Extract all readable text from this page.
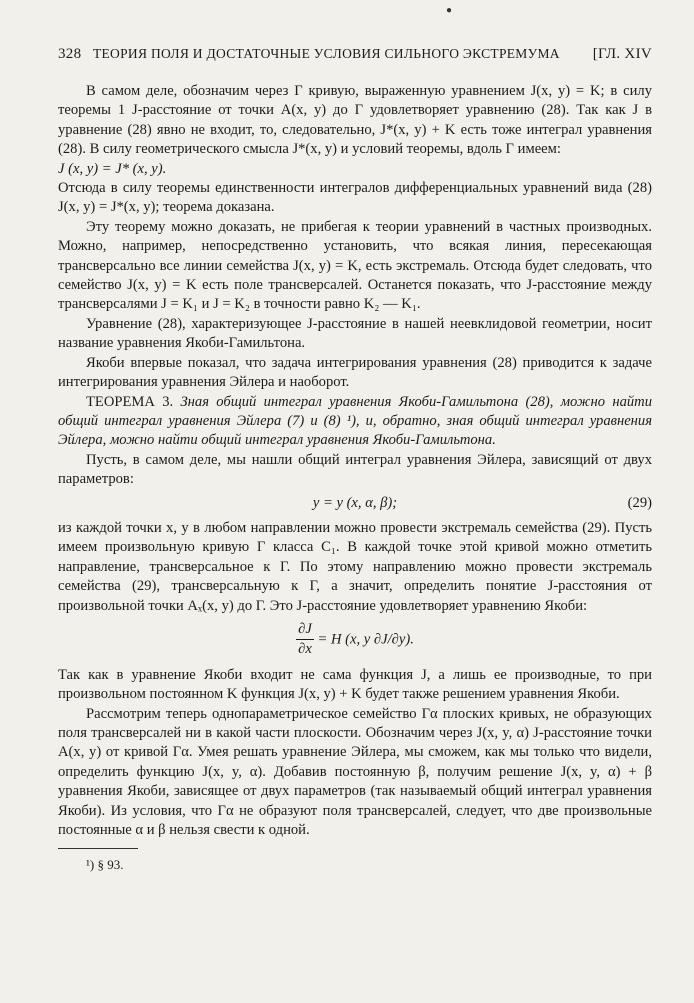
●
328 ТЕОРИЯ ПОЛЯ И ДОСТАТОЧНЫЕ УСЛОВИЯ СИЛЬНОГО ЭКСТРЕМУМА [ГЛ. XIV

В самом деле, обозначим через Γ кривую, выраженную уравнением J(x, y) = K; в силу теоремы 1 J-расстояние от точки A(x, y) до Γ удовлетворяет уравнению (28). Так как J в уравнение (28) явно не входит, то, следовательно, J*(x, y) + K есть тоже интеграл уравнения (28). В силу геометрического смысла J*(x, y) и условий теоремы, вдоль Γ имеем:

J (x, y) = J* (x, y).

Отсюда в силу теоремы единственности интегралов дифференциальных уравнений вида (28) J(x, y) = J*(x, y); теорема доказана.

Эту теорему можно доказать, не прибегая к теории уравнений в частных производных. Можно, например, непосредственно установить, что всякая линия, пересекающая трансверсально все линии семейства J(x, y) = K, есть экстремаль. Отсюда будет следовать, что семейство J(x, y) = K есть поле трансверсалей. Останется показать, что J-расстояние между трансверсалями J = K₁ и J = K₂ в точности равно K₂ — K₁.

Уравнение (28), характеризующее J-расстояние в нашей неевклидовой геометрии, носит название уравнения Якоби-Гамильтона.

Якоби впервые показал, что задача интегрирования уравнения (28) приводится к задаче интегрирования уравнения Эйлера и наоборот.

ТЕОРЕМА 3. Зная общий интеграл уравнения Якоби-Гамильтона (28), можно найти общий интеграл уравнения Эйлера (7) и (8) ¹), и, обратно, зная общий интеграл уравнения Эйлера, можно найти общий интеграл уравнения Якоби-Гамильтона.

Пусть, в самом деле, мы нашли общий интеграл уравнения Эйлера, зависящий от двух параметров:

y = y (x, α, β);	(29)

из каждой точки x, y в любом направлении можно провести экстремаль семейства (29). Пусть имеем произвольную кривую Γ класса C₁. В каждой точке этой кривой можно отметить направление, трансверсальное к Γ. По этому направлению можно провести экстремаль семейства (29), трансверсальную к Γ, а значит, определить понятие J-расстояния от произвольной точки Aₓ(x, y) до Γ. Это J-расстояние удовлетворяет уравнению Якоби:

$\frac{\partial J}{\partial x} = H$ (x, y ∂J/∂y).

Так как в уравнение Якоби входит не сама функция J, а лишь ее производные, то при произвольном постоянном K функция J(x, y) + K будет также решением уравнения Якоби.

Рассмотрим теперь однопараметрическое семейство Γα плоских кривых, не образующих поля трансверсалей ни в какой части плоскости. Обозначим через J(x, y, α) J-расстояние точки A(x, y) от кривой Γα. Умея решать уравнение Эйлера, мы сможем, как мы только что видели, определить функцию J(x, y, α). Добавив постоянную β, получим решение J(x, y, α) + β уравнения Якоби, зависящее от двух параметров (так называемый общий интеграл уравнения Якоби). Из условия, что Γα не образуют поля трансверсалей, следует, что две произвольные постоянные α и β нельзя свести к одной.

¹) § 93.
